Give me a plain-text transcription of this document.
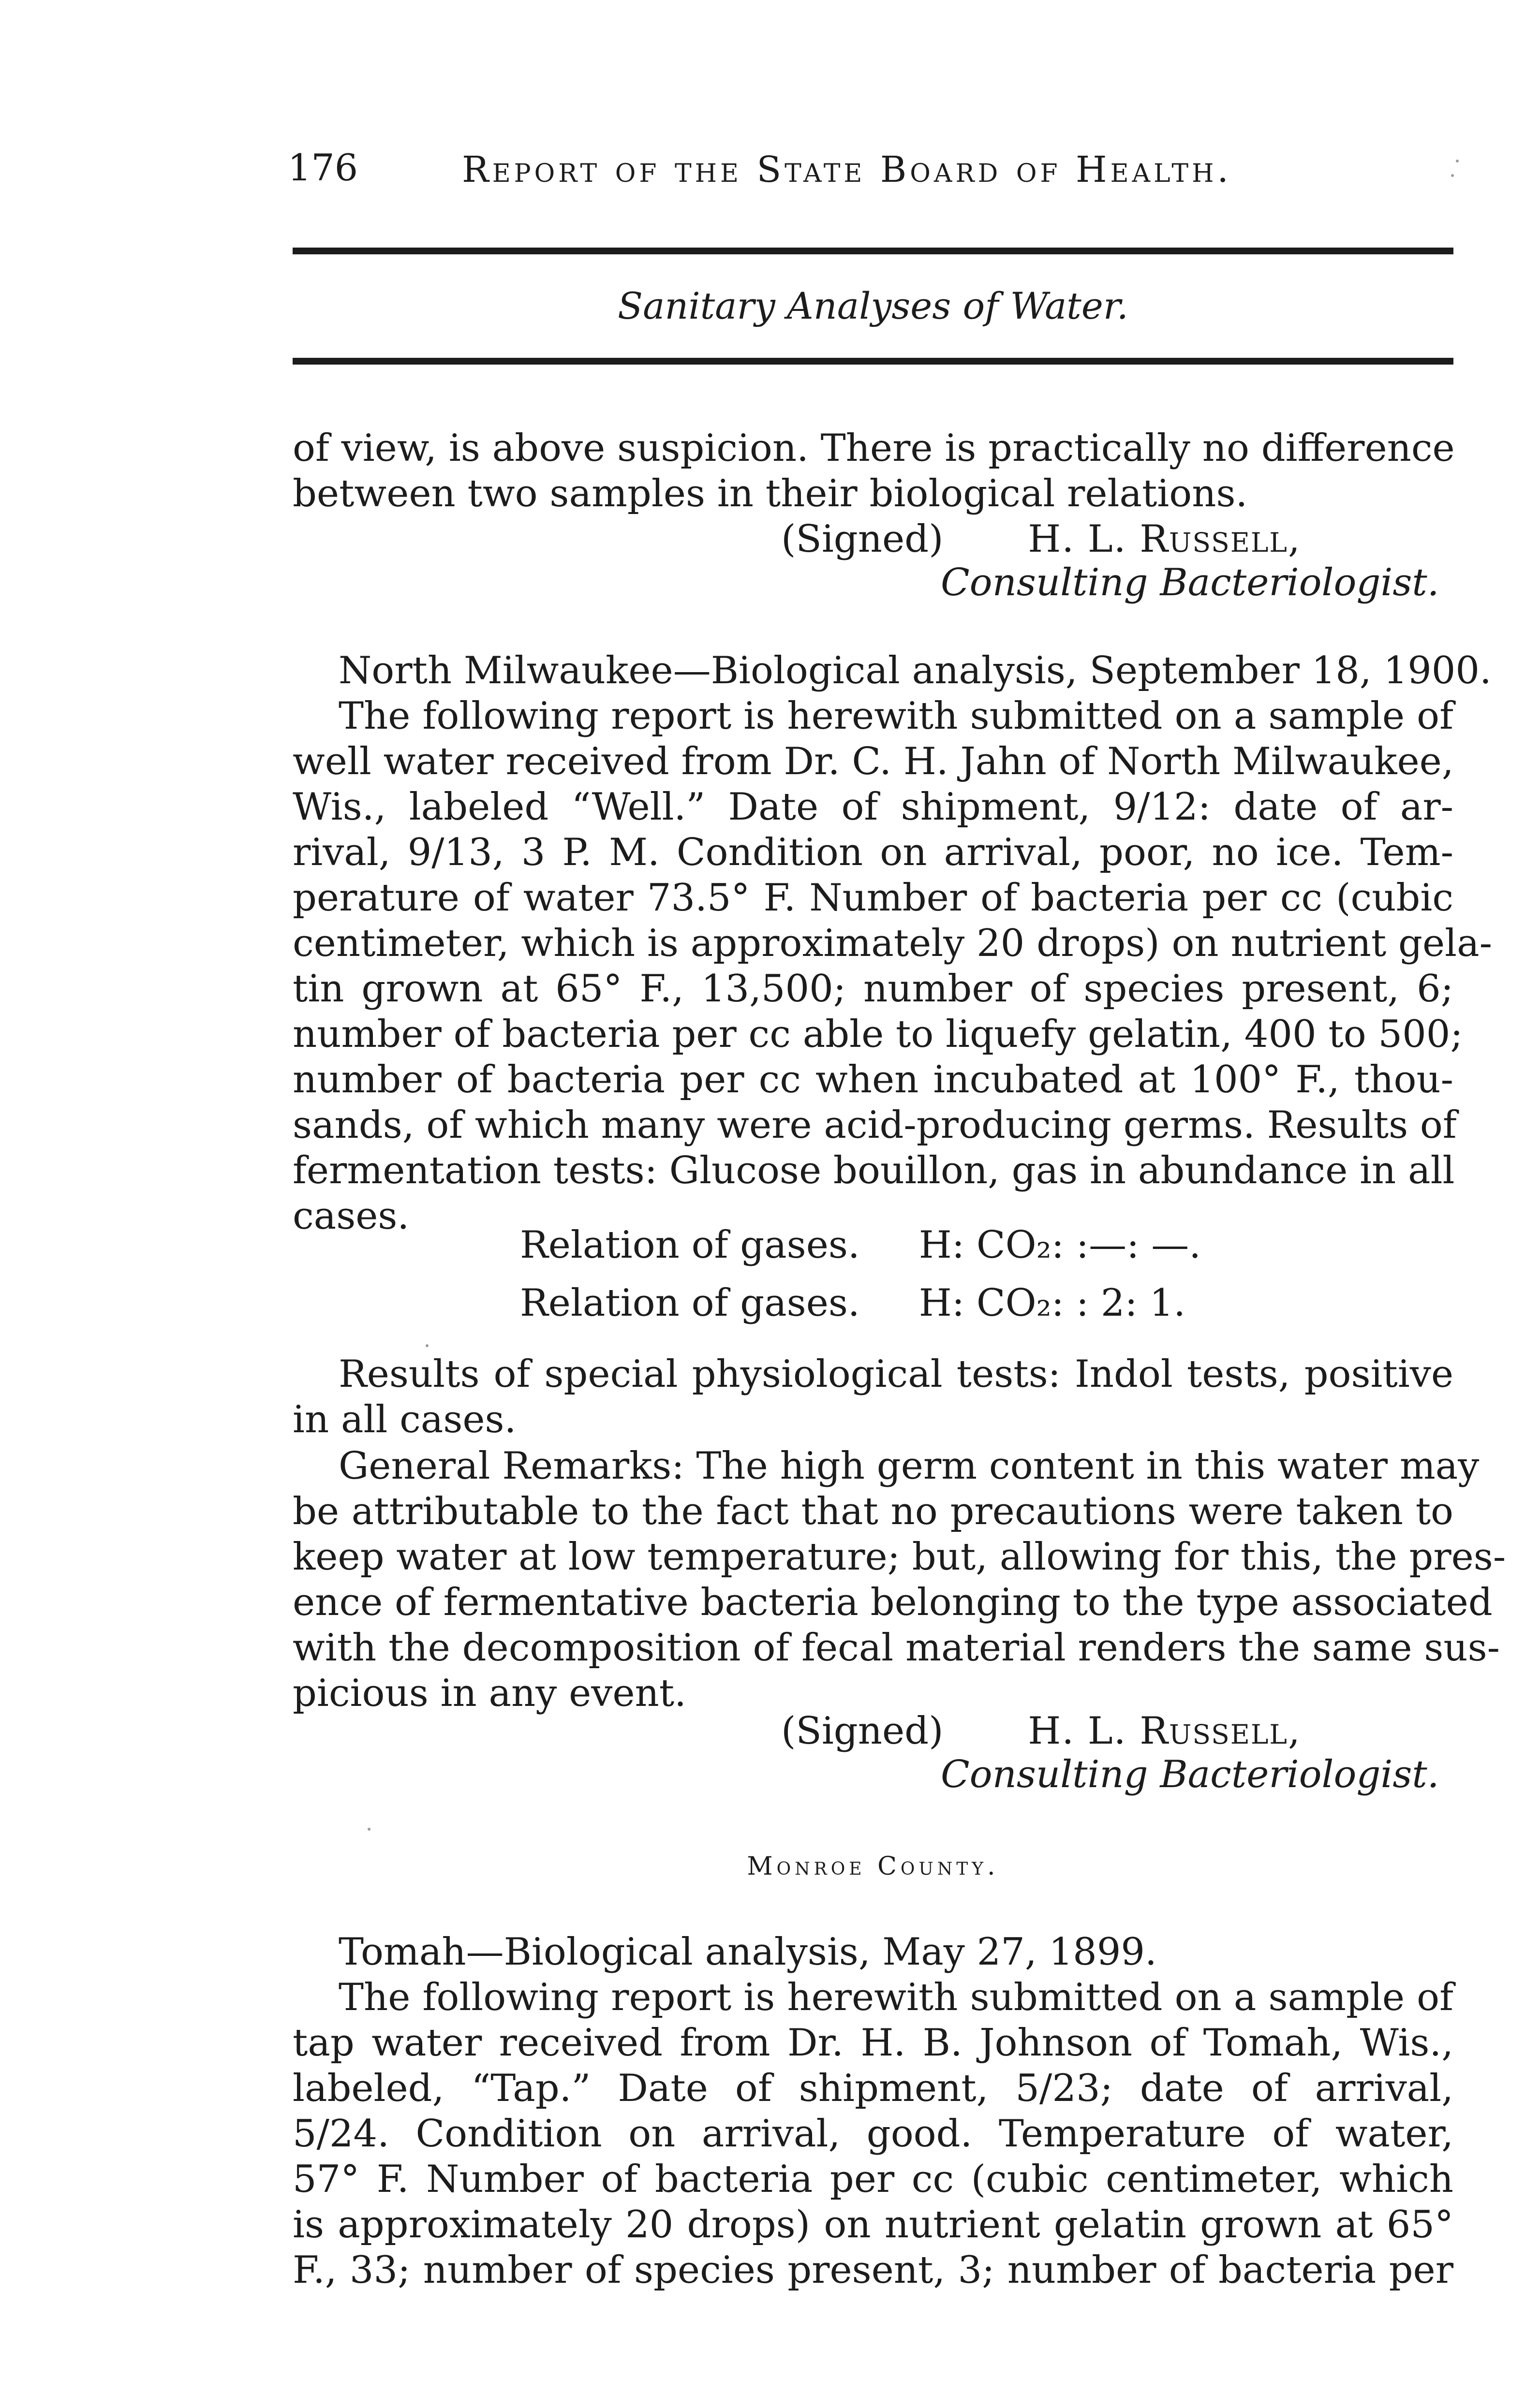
176	Report of the State Board of Health.
Sanitary Analyses of Water.
of view, is above suspicion. There is practically no difference
between two samples in their biological relations.
(Signed) H. L. Russell,
Consulting Bacteriologist.
North Milwaukee—Biological analysis, September 18, 1900.
The following report is herewith submitted on a sample of
well water received from Dr. C. H. Jahn of North Milwaukee,
Wis., labeled “Well.” Date of shipment, 9/12: date of ar-
rival, 9/13, 3 P. M. Condition on arrival, poor, no ice. Tem-
perature of water 73.5° F. Number of bacteria per cc (cubic
centimeter, which is approximately 20 drops) on nutrient gela-
tin grown at 65° F., 13,500; number of species present, 6;
number of bacteria per cc able to liquefy gelatin, 400 to 500;
number of bacteria per cc when incubated at 100° F., thou-
sands, of which many were acid-producing germs. Results of
fermentation tests: Glucose bouillon, gas in abundance in all
cases.
Relation of gases. H: CO₂: :—: —.
Relation of gases. H: CO₂: : 2: 1.
Results of special physiological tests: Indol tests, positive
in all cases.
General Remarks: The high germ content in this water may
be attributable to the fact that no precautions were taken to
keep water at low temperature; but, allowing for this, the pres-
ence of fermentative bacteria belonging to the type associated
with the decomposition of fecal material renders the same sus-
picious in any event.
(Signed) H. L. Russell,
Consulting Bacteriologist.
Monroe County.
Tomah—Biological analysis, May 27, 1899.
The following report is herewith submitted on a sample of
tap water received from Dr. H. B. Johnson of Tomah, Wis.,
labeled, “Tap.” Date of shipment, 5/23; date of arrival,
5/24. Condition on arrival, good. Temperature of water,
57° F. Number of bacteria per cc (cubic centimeter, which
is approximately 20 drops) on nutrient gelatin grown at 65°
F., 33; number of species present, 3; number of bacteria per
